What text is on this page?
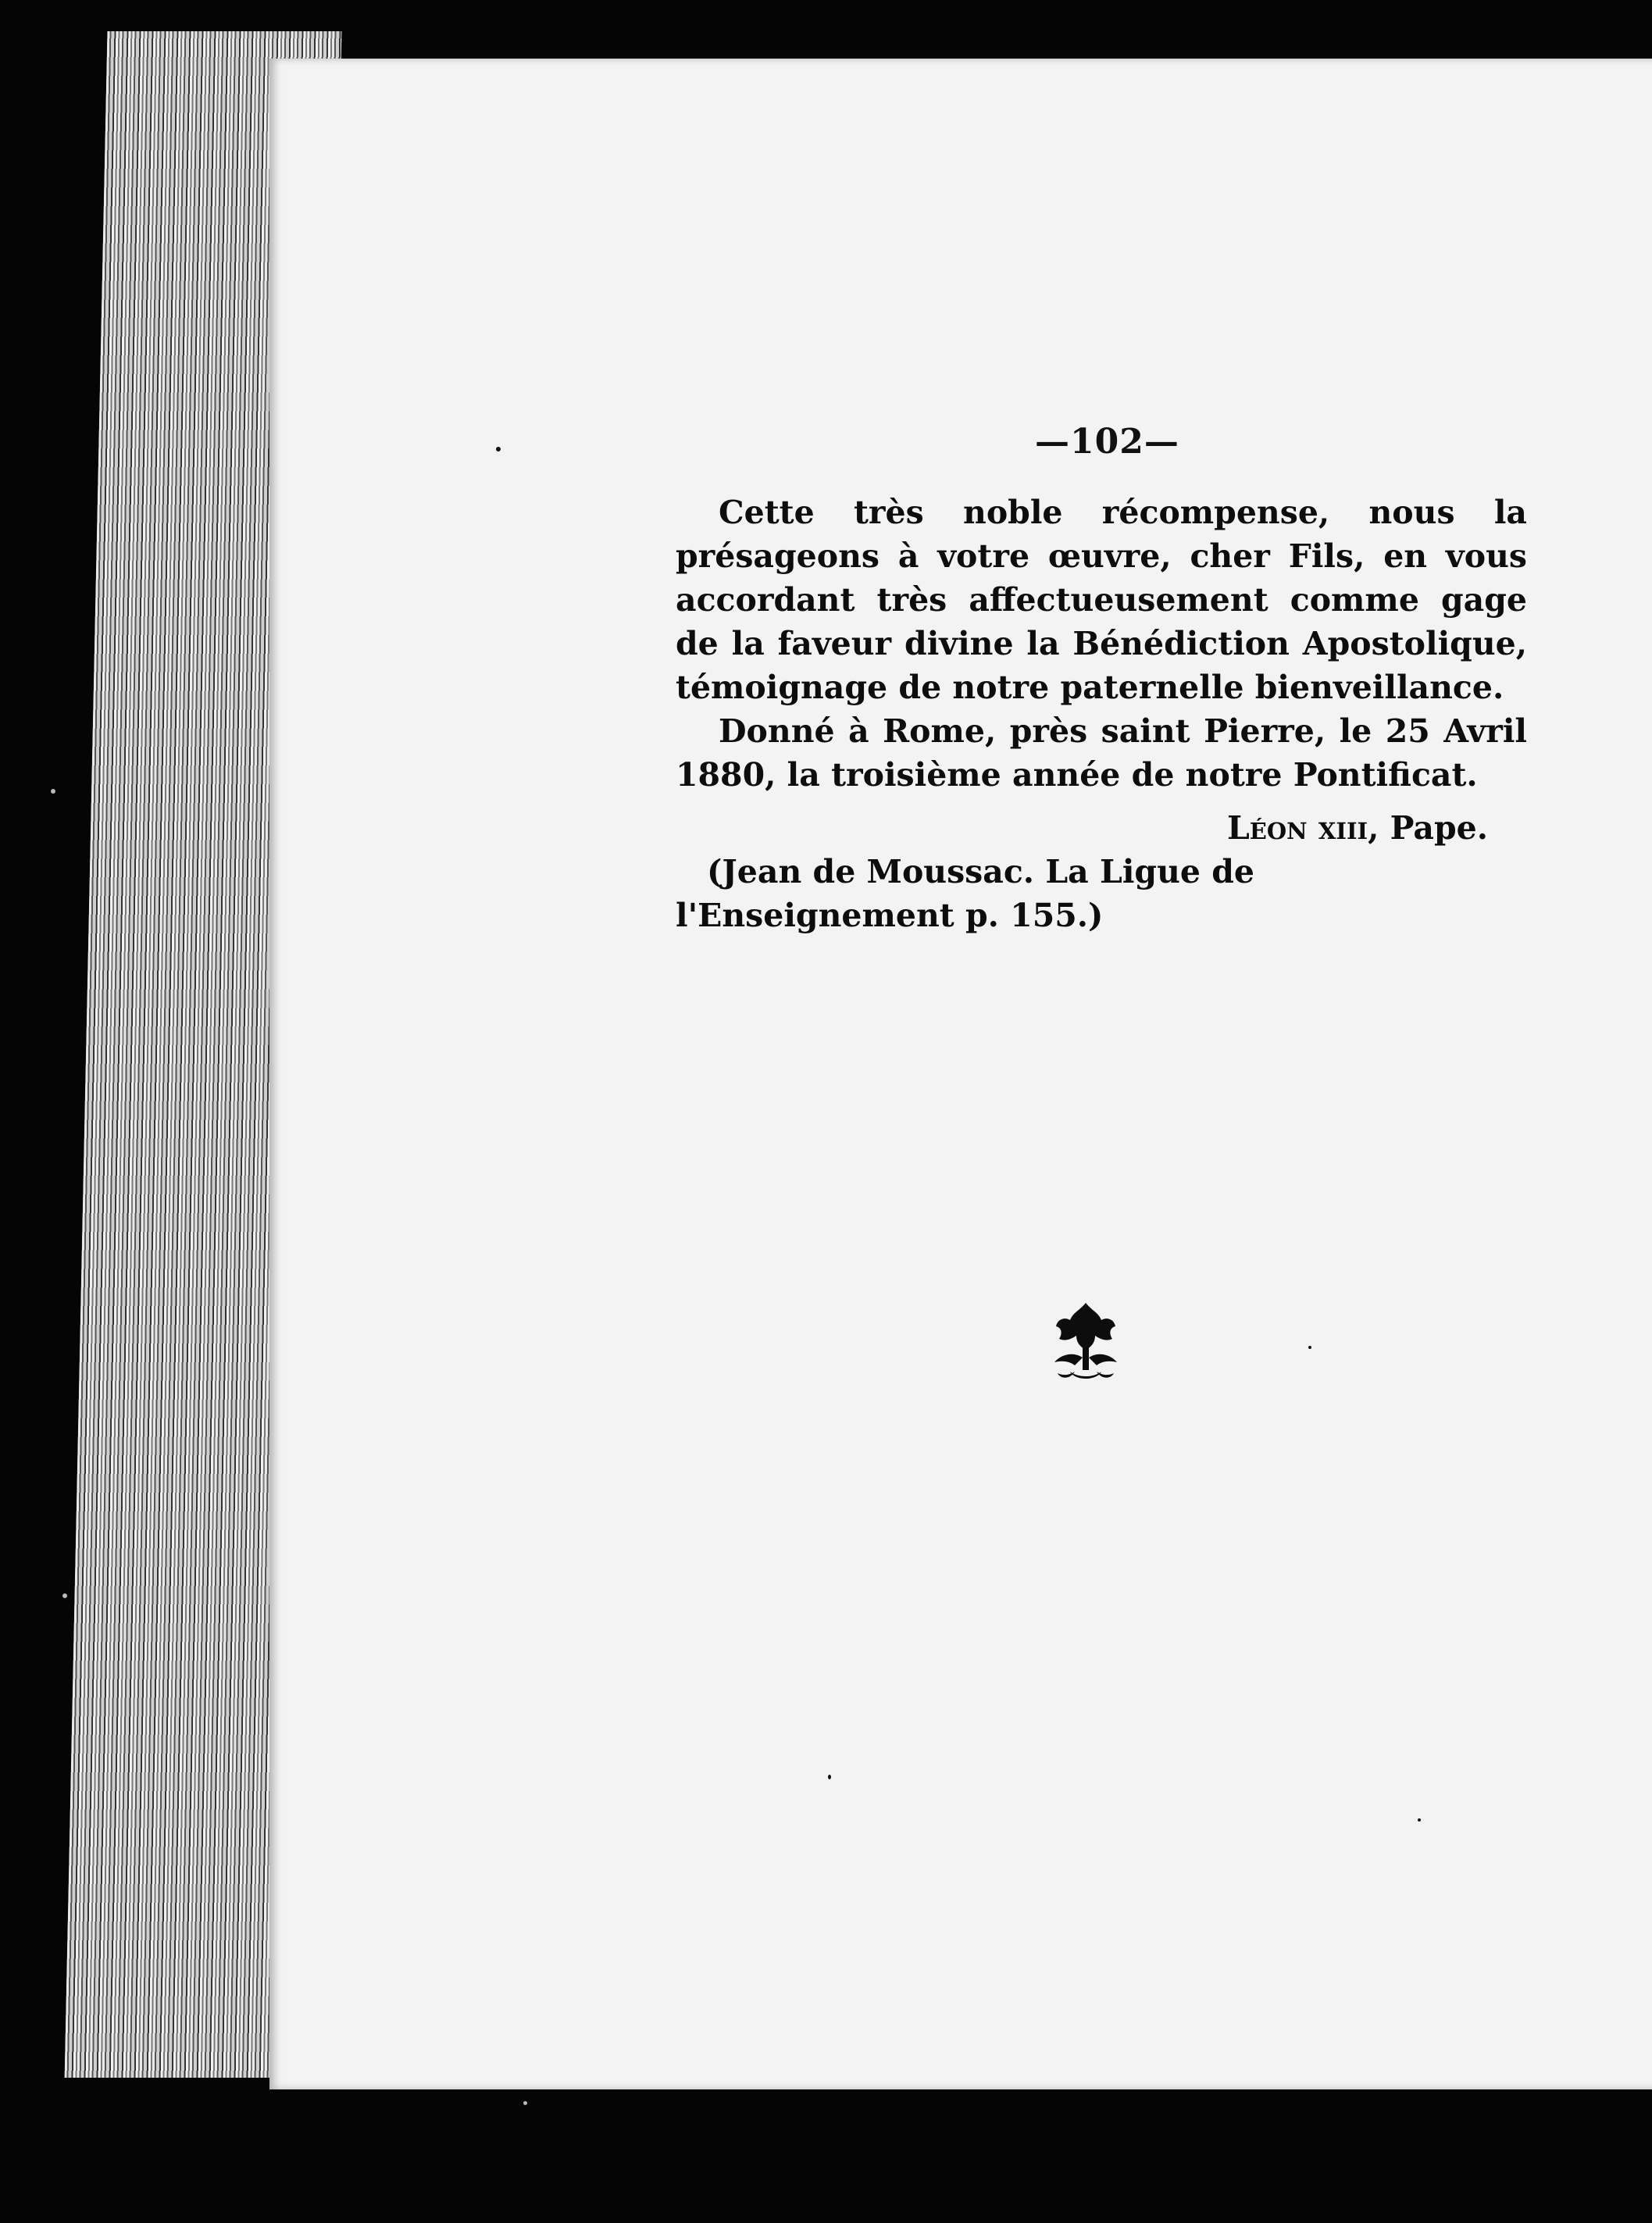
—102—

Cette très noble récompense, nous la présageons à votre œuvre, cher Fils, en vous accordant très affectueusement comme gage de la faveur divine la Bénédiction Apostolique, témoignage de notre paternelle bienveillance.

Donné à Rome, près saint Pierre, le 25 Avril 1880, la troisième année de notre Pontificat.

Léon xiii, Pape.

(Jean de Moussac. La Ligue de l'Enseignement p. 155.)
